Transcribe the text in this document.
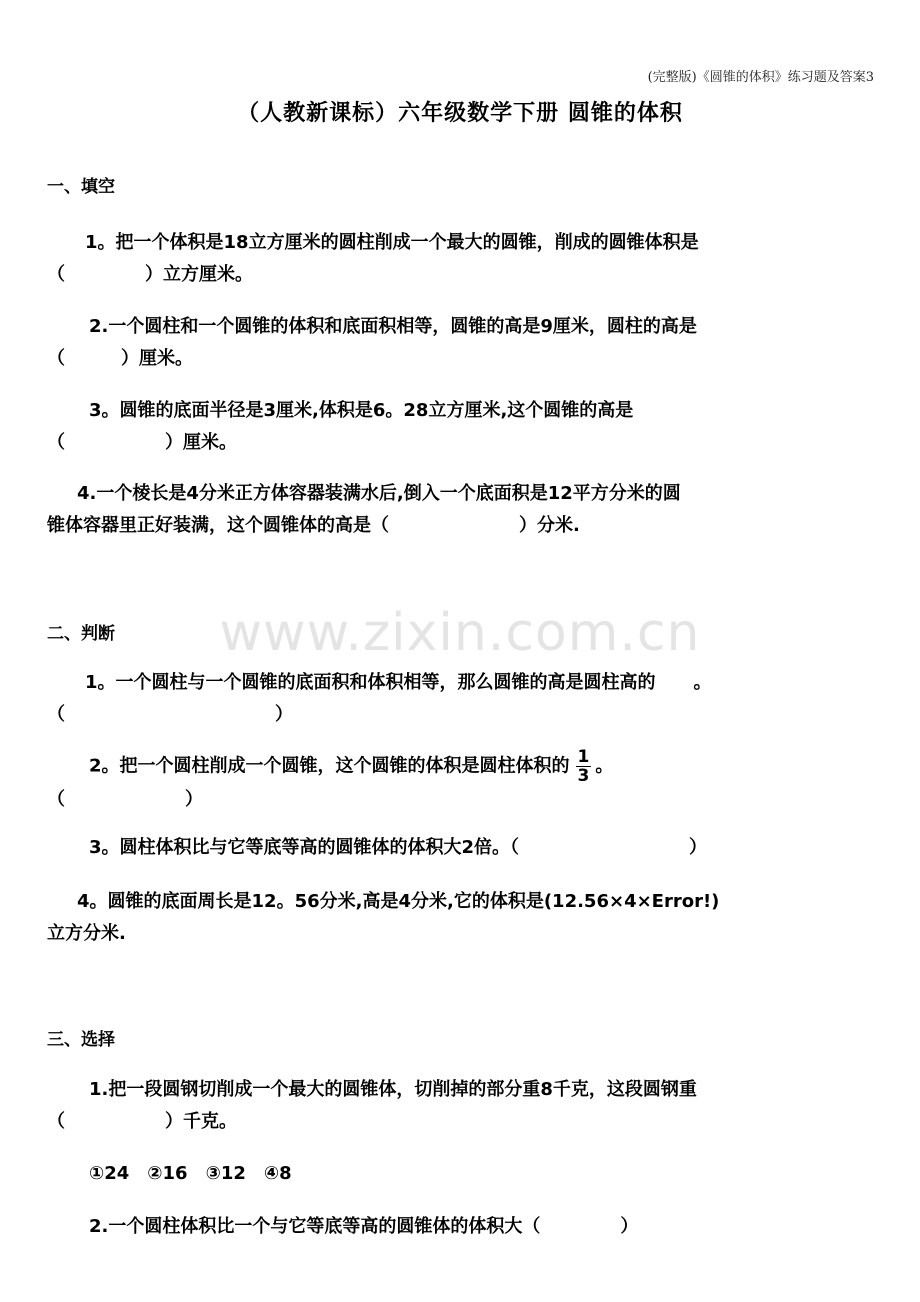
(完整版)《圆锥的体积》练习题及答案3
（人教新课标）六年级数学下册 圆锥的体积
www.zixin.com.cn
一、填空
1。把一个体积是18立方厘米的圆柱削成一个最大的圆锥，削成的圆锥体积是
（	）立方厘米。
2.一个圆柱和一个圆锥的体积和底面积相等，圆锥的高是9厘米，圆柱的高是
（	）厘米。
3。圆锥的底面半径是3厘米,体积是6。28立方厘米,这个圆锥的高是
（	）厘米。
4.一个棱长是4分米正方体容器装满水后,倒入一个底面积是12平方分米的圆
锥体容器里正好装满，这个圆锥体的高是（	）分米.
二、判断
1。一个圆柱与一个圆锥的底面积和体积相等，那么圆锥的高是圆柱高的 。
（	）
2。把一个圆柱削成一个圆锥，这个圆锥的体积是圆柱体积的 $\frac{1}{3}$ 。
（	）
3。圆柱体积比与它等底等高的圆锥体的体积大2倍。（	）
4。圆锥的底面周长是12。56分米,高是4分米,它的体积是(12.56×4×Error!)
立方分米.
三、选择
1.把一段圆钢切削成一个最大的圆锥体，切削掉的部分重8千克，这段圆钢重
（	）千克。
①24 ②16 ③12 ④8
2.一个圆柱体积比一个与它等底等高的圆锥体的体积大（	）
